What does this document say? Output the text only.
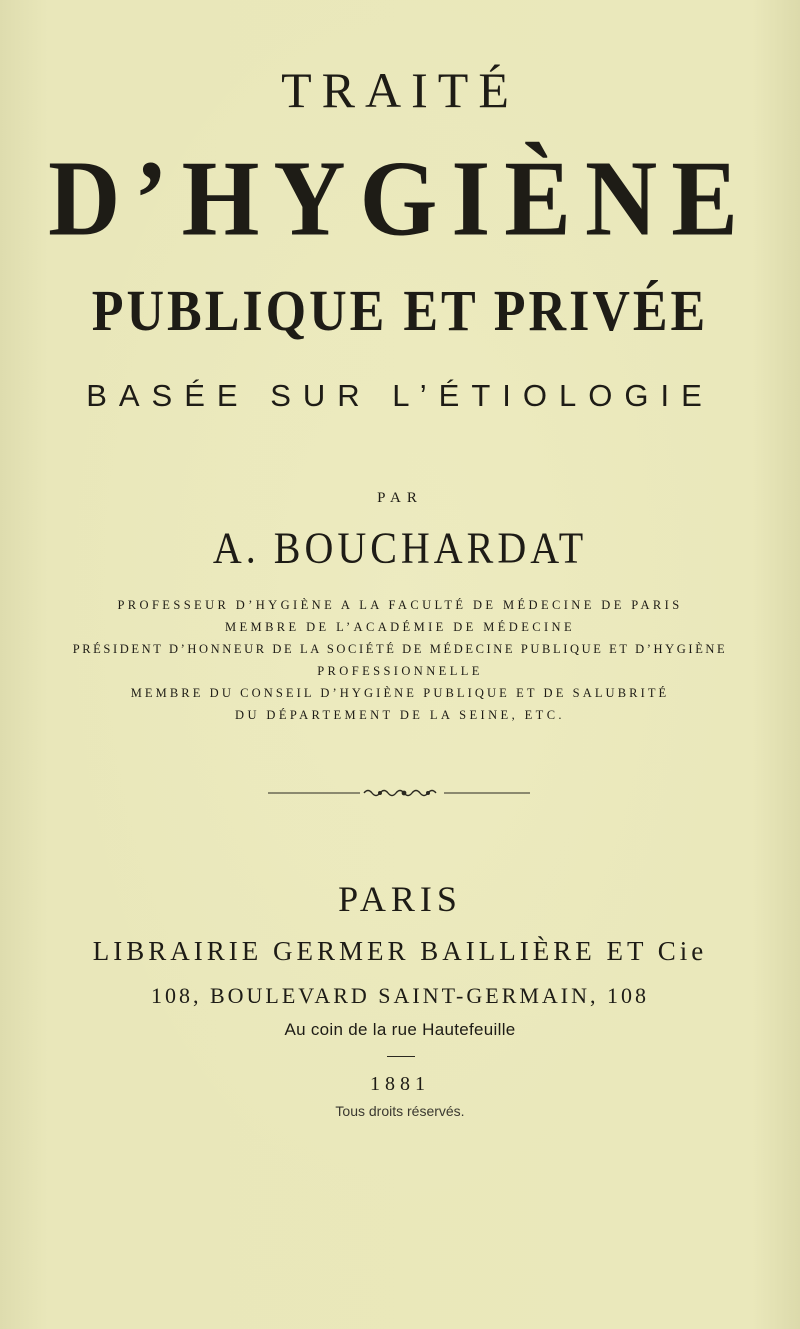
TRAITÉ
D’HYGIÈNE
PUBLIQUE ET PRIVÉE
BASÉE SUR L’ÉTIOLOGIE
PAR
A. BOUCHARDAT
PROFESSEUR D’HYGIÈNE A LA FACULTÉ DE MÉDECINE DE PARIS
MEMBRE DE L’ACADÉMIE DE MÉDECINE
PRÉSIDENT D’HONNEUR DE LA SOCIÉTÉ DE MÉDECINE PUBLIQUE ET D’HYGIÈNE
PROFESSIONNELLE
MEMBRE DU CONSEIL D’HYGIÈNE PUBLIQUE ET DE SALUBRITÉ
DU DÉPARTEMENT DE LA SEINE, ETC.
PARIS
LIBRAIRIE GERMER BAILLIÈRE ET Cie
108, BOULEVARD SAINT-GERMAIN, 108
Au coin de la rue Hautefeuille
1881
Tous droits réservés.
